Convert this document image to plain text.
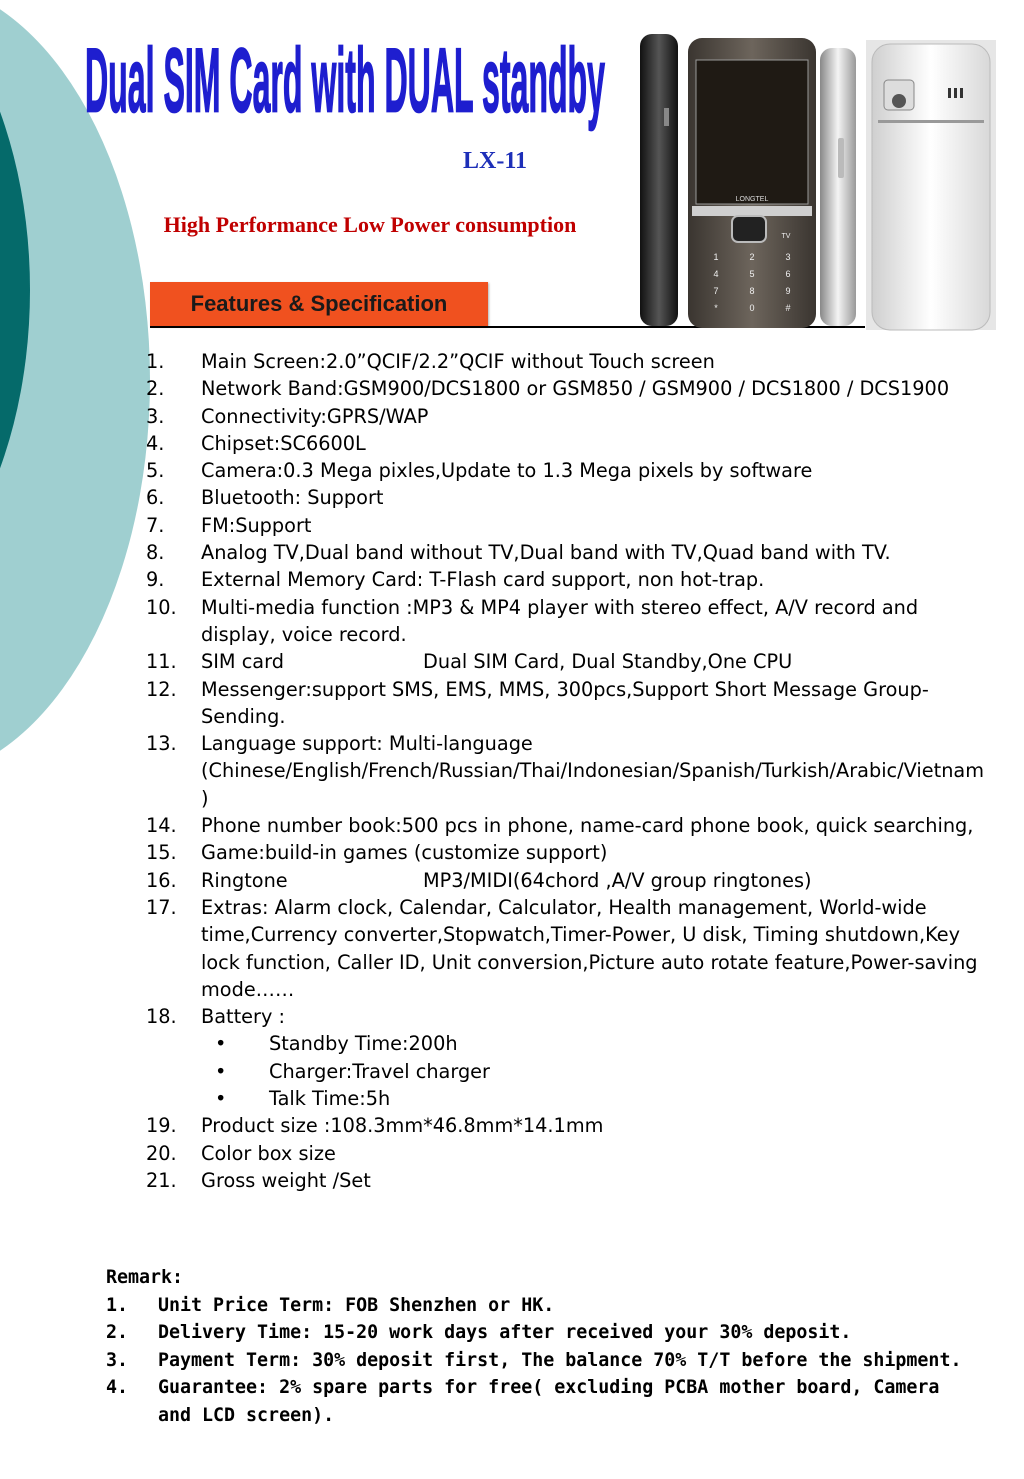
Dual SIM Card with DUAL standby
LX-11
High Performance Low Power consumption
Features & Specification
LONGTEL
TV
1	2	3
4	5	6
7	8	9
*	0	#
1.	Main Screen:2.0”QCIF/2.2”QCIF without Touch screen
2.	Network Band:GSM900/DCS1800 or GSM850 / GSM900 / DCS1800 / DCS1900
3.	Connectivity:GPRS/WAP
4.	Chipset:SC6600L
5.	Camera:0.3 Mega pixles,Update to 1.3 Mega pixels by software
6.	Bluetooth: Support
7.	FM:Support
8.	Analog TV,Dual band without TV,Dual band with TV,Quad band with TV.
9.	External Memory Card: T-Flash card support, non hot-trap.
10.	Multi-media function :MP3 & MP4 player with stereo effect, A/V record and display, voice record.
11.	SIM card	Dual SIM Card, Dual Standby,One CPU
12.	Messenger:support SMS, EMS, MMS, 300pcs,Support Short Message Group-Sending.
13.	Language support: Multi-language (Chinese/English/French/Russian/Thai/Indonesian/Spanish/Turkish/Arabic/Vietnam )
14.	Phone number book:500 pcs in phone, name-card phone book, quick searching,
15.	Game:build-in games (customize support)
16.	Ringtone	MP3/MIDI(64chord ,A/V group ringtones)
17.	Extras: Alarm clock, Calendar, Calculator, Health management, World-wide time,Currency converter,Stopwatch,Timer-Power, U disk, Timing shutdown,Key lock function, Caller ID, Unit conversion,Picture auto rotate feature,Power-saving mode……
18.	Battery :
• Standby Time:200h
• Charger:Travel charger
• Talk Time:5h
19.	Product size :108.3mm*46.8mm*14.1mm
20.	Color box size
21.	Gross weight /Set
Remark:
1. Unit Price Term: FOB Shenzhen or HK.
2. Delivery Time: 15-20 work days after received your 30% deposit.
3. Payment Term: 30% deposit first, The balance 70% T/T before the shipment.
4. Guarantee: 2% spare parts for free( excluding PCBA mother board, Camera and LCD screen).
